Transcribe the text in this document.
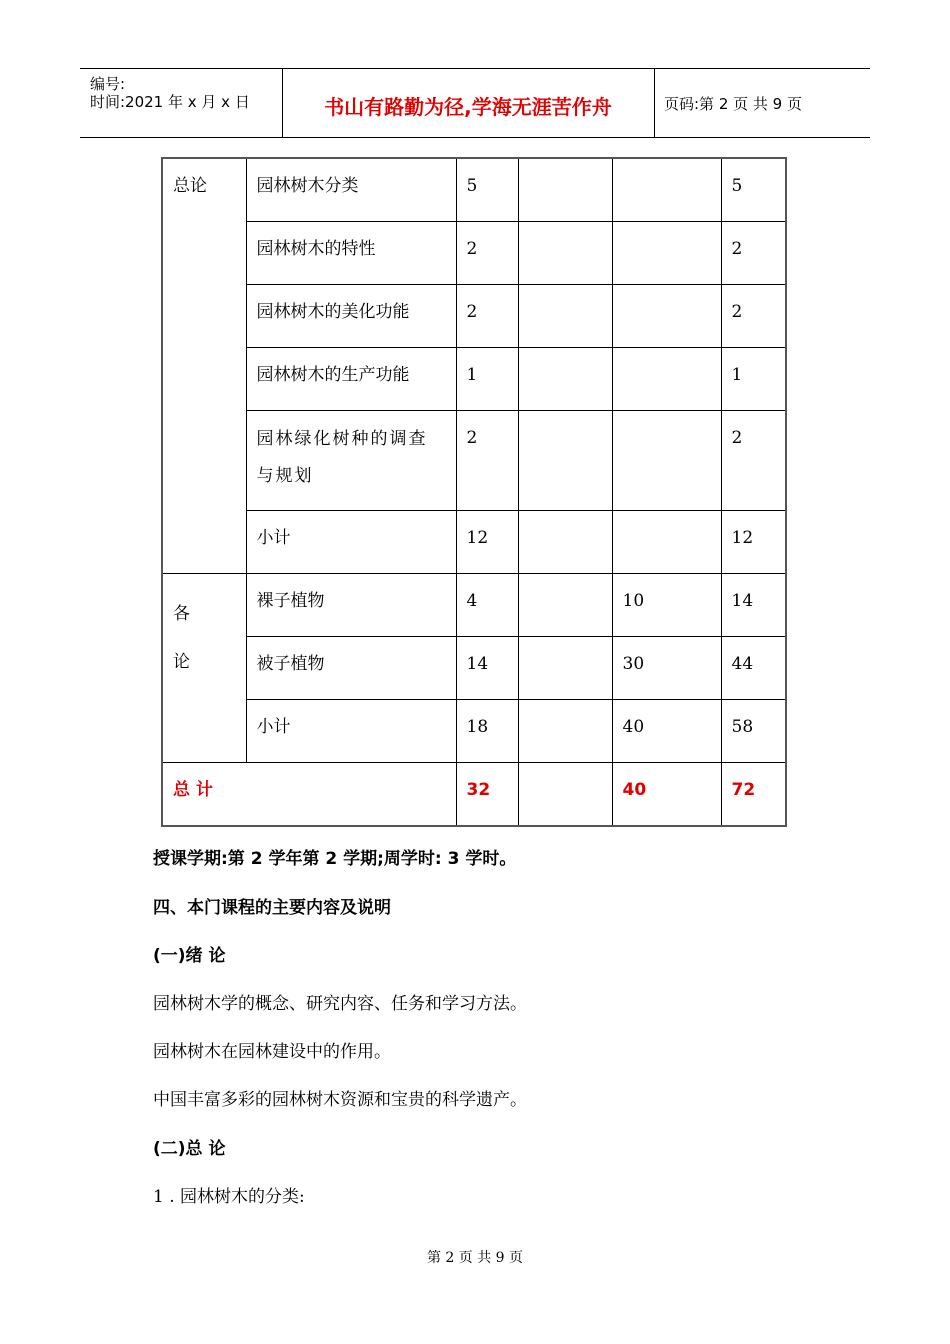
编号:
时间:2021 年 x 月 x 日	书山有路勤为径,学海无涯苦作舟	页码:第 2 页 共 9 页
总论	园林树木分类	5			5

	园林树木的特性	2			2

	园林树木的美化功能	2			2

	园林树木的生产功能	1			1

	园林绿化树种的调查与规划	2			2

	小计	12			12

各
论	裸子植物	4		10	14

	被子植物	14		30	44

	小计	18		40	58

总 计		32		40	72
授课学期:第 2 学年第 2 学期;周学时: 3 学时。
四、本门课程的主要内容及说明
(一)绪 论
园林树木学的概念、研究内容、任务和学习方法。
园林树木在园林建设中的作用。
中国丰富多彩的园林树木资源和宝贵的科学遗产。
(二)总 论
1 . 园林树木的分类:
第 2 页 共 9 页
